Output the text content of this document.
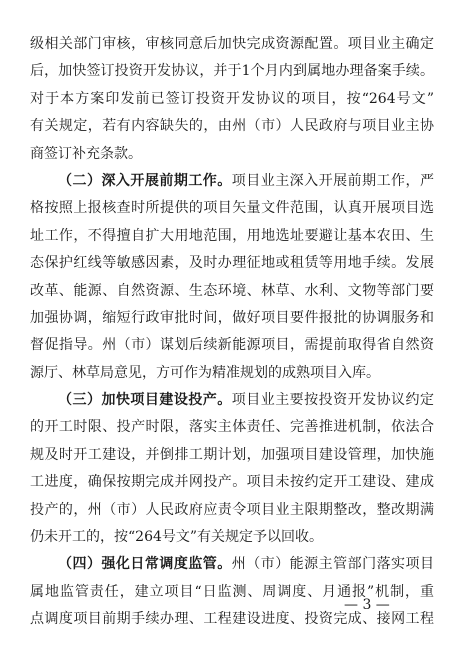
级相关部门审核，审核同意后加快完成资源配置。项目业主确定
后，加快签订投资开发协议，并于1个月内到属地办理备案手续。
对于本方案印发前已签订投资开发协议的项目，按“264号文”
有关规定，若有内容缺失的，由州（市）人民政府与项目业主协
商签订补充条款。
（二）深入开展前期工作。项目业主深入开展前期工作，严
格按照上报核查时所提供的项目矢量文件范围，认真开展项目选
址工作，不得擅自扩大用地范围，用地选址要避让基本农田、生
态保护红线等敏感因素，及时办理征地或租赁等用地手续。发展
改革、能源、自然资源、生态环境、林草、水利、文物等部门要
加强协调，缩短行政审批时间，做好项目要件报批的协调服务和
督促指导。州（市）谋划后续新能源项目，需提前取得省自然资
源厅、林草局意见，方可作为精准规划的成熟项目入库。
（三）加快项目建设投产。项目业主要按投资开发协议约定
的开工时限、投产时限，落实主体责任、完善推进机制，依法合
规及时开工建设，并倒排工期计划，加强项目建设管理，加快施
工进度，确保按期完成并网投产。项目未按约定开工建设、建成
投产的，州（市）人民政府应责令项目业主限期整改，整改期满
仍未开工的，按“264号文”有关规定予以回收。
（四）强化日常调度监管。州（市）能源主管部门落实项目
属地监管责任，建立项目“日监测、周调度、月通报”机制，重
点调度项目前期手续办理、工程建设进度、投资完成、接网工程
— 3 —
